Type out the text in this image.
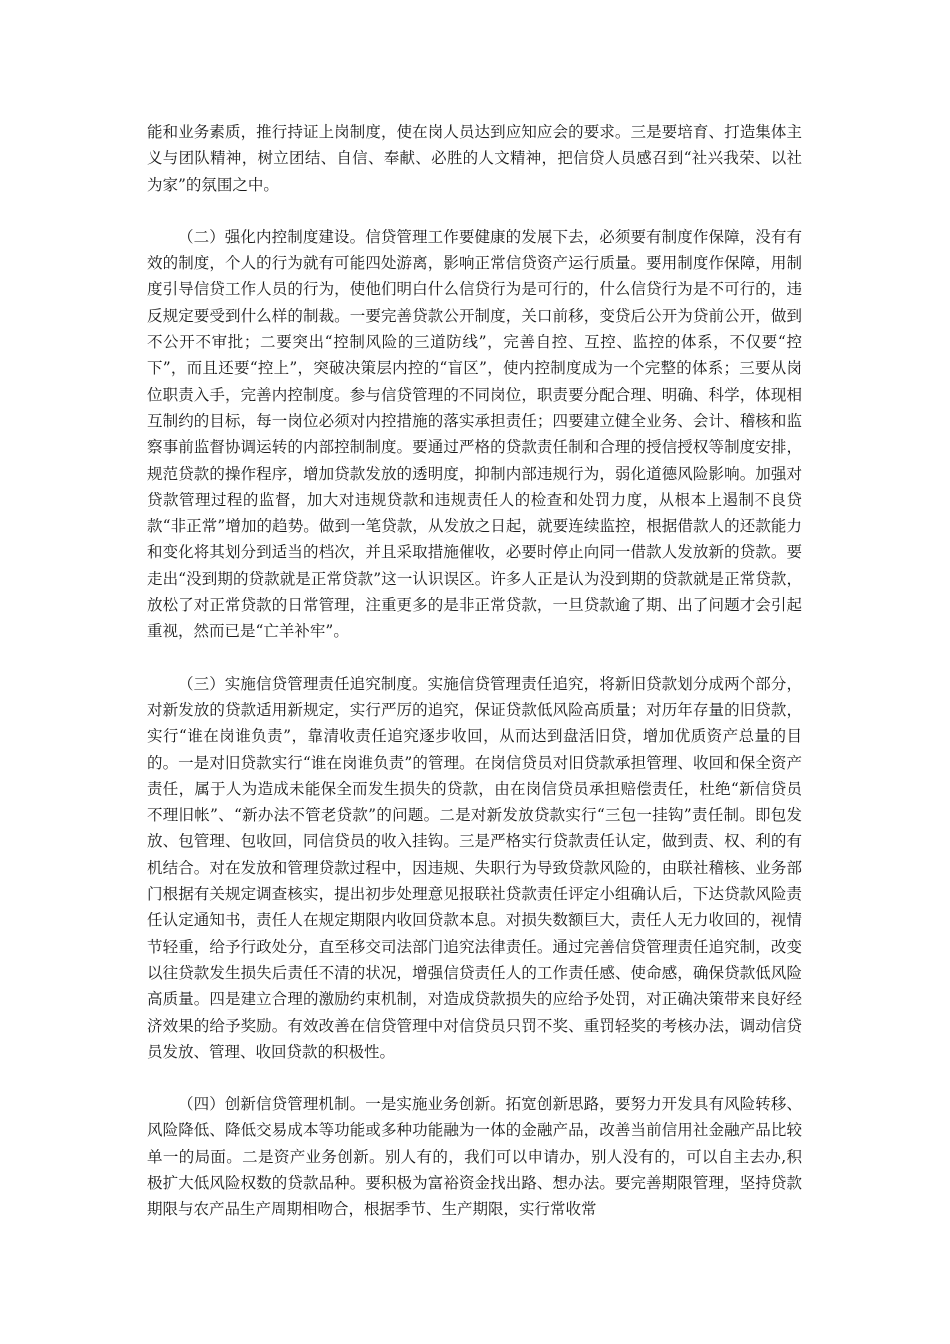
能和业务素质，推行持证上岗制度，使在岗人员达到应知应会的要求。三是要培育、打造集体主义与团队精神，树立团结、自信、奉献、必胜的人文精神，把信贷人员感召到“社兴我荣、以社为家”的氛围之中。

（二）强化内控制度建设。信贷管理工作要健康的发展下去，必须要有制度作保障，没有有效的制度，个人的行为就有可能四处游离，影响正常信贷资产运行质量。要用制度作保障，用制度引导信贷工作人员的行为，使他们明白什么信贷行为是可行的，什么信贷行为是不可行的，违反规定要受到什么样的制裁。一要完善贷款公开制度，关口前移，变贷后公开为贷前公开，做到不公开不审批；二要突出“控制风险的三道防线”，完善自控、互控、监控的体系，不仅要“控下”，而且还要“控上”，突破决策层内控的“盲区”，使内控制度成为一个完整的体系；三要从岗位职责入手，完善内控制度。参与信贷管理的不同岗位，职责要分配合理、明确、科学，体现相互制约的目标，每一岗位必须对内控措施的落实承担责任；四要建立健全业务、会计、稽核和监察事前监督协调运转的内部控制制度。要通过严格的贷款责任制和合理的授信授权等制度安排，规范贷款的操作程序，增加贷款发放的透明度，抑制内部违规行为，弱化道德风险影响。加强对贷款管理过程的监督，加大对违规贷款和违规责任人的检查和处罚力度，从根本上遏制不良贷款“非正常”增加的趋势。做到一笔贷款，从发放之日起，就要连续监控，根据借款人的还款能力和变化将其划分到适当的档次，并且采取措施催收，必要时停止向同一借款人发放新的贷款。要走出“没到期的贷款就是正常贷款”这一认识误区。许多人正是认为没到期的贷款就是正常贷款，放松了对正常贷款的日常管理，注重更多的是非正常贷款，一旦贷款逾了期、出了问题才会引起重视，然而已是“亡羊补牢”。

（三）实施信贷管理责任追究制度。实施信贷管理责任追究，将新旧贷款划分成两个部分，对新发放的贷款适用新规定，实行严厉的追究，保证贷款低风险高质量；对历年存量的旧贷款，实行“谁在岗谁负责”，靠清收责任追究逐步收回，从而达到盘活旧贷，增加优质资产总量的目的。一是对旧贷款实行“谁在岗谁负责”的管理。在岗信贷员对旧贷款承担管理、收回和保全资产责任，属于人为造成未能保全而发生损失的贷款，由在岗信贷员承担赔偿责任，杜绝“新信贷员不理旧帐”、“新办法不管老贷款”的问题。二是对新发放贷款实行“三包一挂钩”责任制。即包发放、包管理、包收回，同信贷员的收入挂钩。三是严格实行贷款责任认定，做到责、权、利的有机结合。对在发放和管理贷款过程中，因违规、失职行为导致贷款风险的，由联社稽核、业务部门根据有关规定调查核实，提出初步处理意见报联社贷款责任评定小组确认后，下达贷款风险责任认定通知书，责任人在规定期限内收回贷款本息。对损失数额巨大，责任人无力收回的，视情节轻重，给予行政处分，直至移交司法部门追究法律责任。通过完善信贷管理责任追究制，改变以往贷款发生损失后责任不清的状况，增强信贷责任人的工作责任感、使命感，确保贷款低风险高质量。四是建立合理的激励约束机制，对造成贷款损失的应给予处罚，对正确决策带来良好经济效果的给予奖励。有效改善在信贷管理中对信贷员只罚不奖、重罚轻奖的考核办法，调动信贷员发放、管理、收回贷款的积极性。

（四）创新信贷管理机制。一是实施业务创新。拓宽创新思路，要努力开发具有风险转移、风险降低、降低交易成本等功能或多种功能融为一体的金融产品，改善当前信用社金融产品比较单一的局面。二是资产业务创新。别人有的，我们可以申请办，别人没有的，可以自主去办,积极扩大低风险权数的贷款品种。要积极为富裕资金找出路、想办法。要完善期限管理，坚持贷款期限与农产品生产周期相吻合，根据季节、生产期限，实行常收常
